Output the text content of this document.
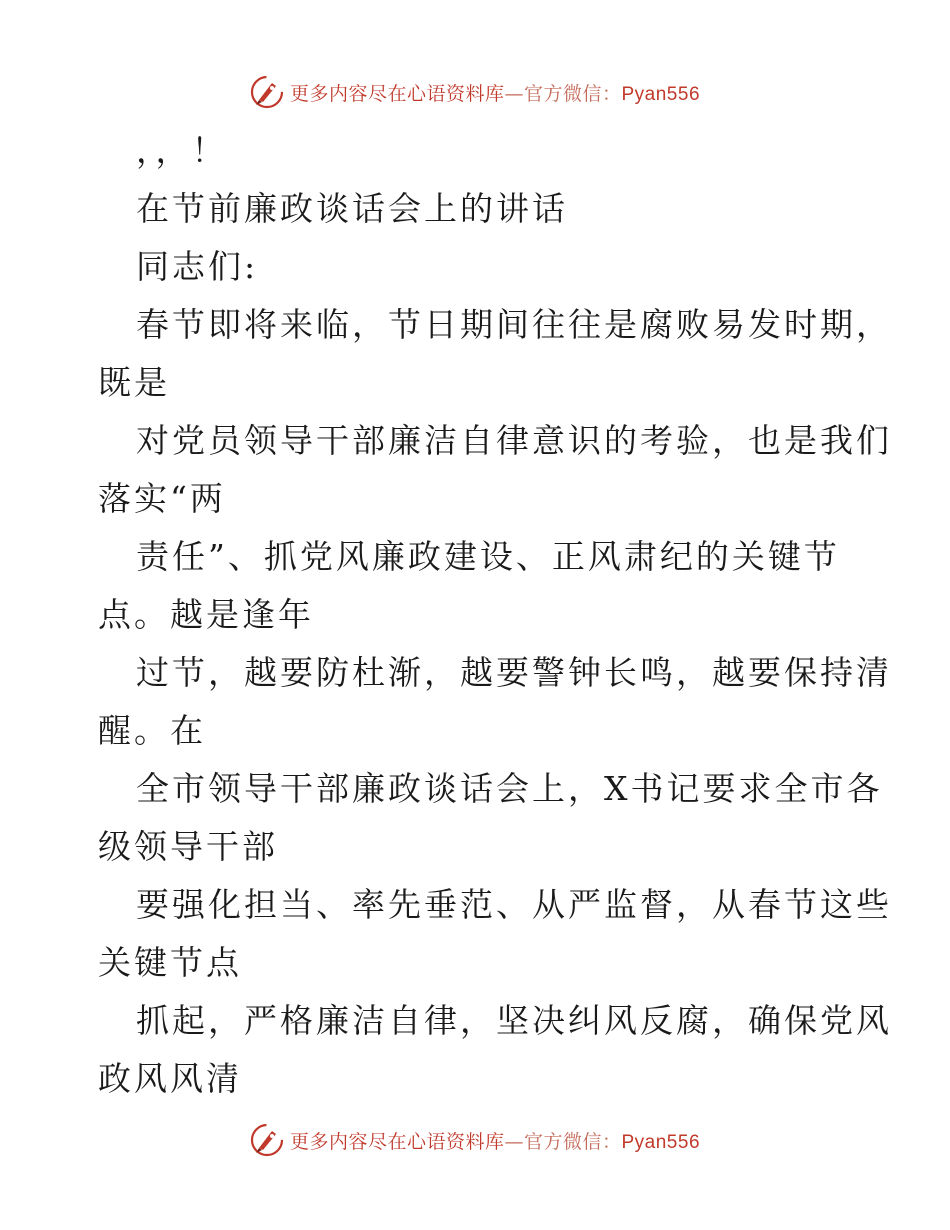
更多内容尽在心语资料库—官方微信：Pyan556
，，！
在节前廉政谈话会上的讲话
同志们:
春节即将来临，节日期间往往是腐败易发时期，
既是
对党员领导干部廉洁自律意识的考验，也是我们
落实“两
责任”、抓党风廉政建设、正风肃纪的关键节
点。越是逢年
过节，越要防杜渐，越要警钟长鸣，越要保持清
醒。在
全市领导干部廉政谈话会上，X书记要求全市各
级领导干部
要强化担当、率先垂范、从严监督，从春节这些
关键节点
抓起，严格廉洁自律，坚决纠风反腐，确保党风
政风风清
更多内容尽在心语资料库—官方微信：Pyan556
